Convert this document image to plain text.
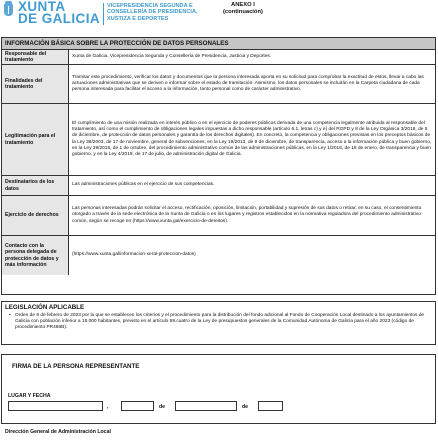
XUNTA
DE GALICIA
VICEPRESIDENCIA SEGUNDA E
CONSELLERÍA DE PRESIDENCIA,
XUSTIZA E DEPORTES
ANEXO I
(continuación)
INFORMACIÓN BÁSICA SOBRE LA PROTECCIÓN DE DATOS PERSONALES
Responsable del tratamiento
Xunta de Galicia. Vicepresidencia Segunda y Consellería de Presidencia, Justicia y Deportes.
Finalidades del tratamiento
Tramitar este procedimiento, verificar los datos y documentos que la persona interesada aporta en su solicitud para comprobar la exactitud de estos, llevar a cabo las actuaciones administrativas que se deriven e informar sobre el estado de tramitación. Asimismo, los datos personales se incluirán en la Carpeta ciudadana de cada persona interesada para facilitar el acceso a la información, tanto personal como de carácter administrativo.
Legitimación para el tratamiento
El cumplimiento de una misión realizada en interés público o en el ejercicio de poderes públicos derivada de una competencia legalmente atribuida al responsable del tratamiento, así como el cumplimiento de obligaciones legales impuestas a dicho responsable (artículo 6.1, letras c) y e) del RGPD y 8 de la Ley Orgánica 3/2018, de 5 de diciembre, de protección de datos personales y garantía de los derechos digitales). En concreto, la competencia y obligaciones previstas en los preceptos básicos de la Ley 38/2003, de 17 de noviembre, general de subvenciones, en la Ley 19/2013, de 9 de diciembre, de transparencia, acceso a la información pública y buen gobierno, en la Ley 39/2015, de 1 de octubre, del procedimiento administrativo común de las administraciones públicas, en la Ley 1/2016, de 18 de enero, de transparencia y buen gobierno, y en la Ley 4/2019, de 17 de julio, de administración digital de Galicia.
Destinatarios de los datos
Las administraciones públicas en el ejercicio de sus competencias.
Ejercicio de derechos
Las personas interesadas podrán solicitar el acceso, rectificación, oposición, limitación, portabilidad y supresión de sus datos o retirar, en su caso, el consentimiento otorgado a través de la sede electrónica de la Xunta de Galicia o en los lugares y registros establecidos en la normativa reguladora del procedimiento administrativo común, según se recoge en (https://www.xunta.gal/exercicio-de-dereitos).
Contacto con la persona delegada de protección de datos y más información
(https://www.xunta.gal/informacion-xeral-proteccion-datos)
LEGISLACIÓN APLICABLE
• Orden de 9 de febrero de 2023 por la que se establecen los criterios y el procedimiento para la distribución del fondo adicional al Fondo de Cooperación Local destinado a los ayuntamientos de Galicia con población inferior a 15.000 habitantes, previsto en el artículo 59.cuatro de la Ley de presupuestos generales de la Comunidad Autónoma de Galicia para el año 2023 (código de procedimiento PR486B).
FIRMA DE LA PERSONA REPRESENTANTE
LUGAR Y FECHA
,	de	de
Dirección General de Administración Local
